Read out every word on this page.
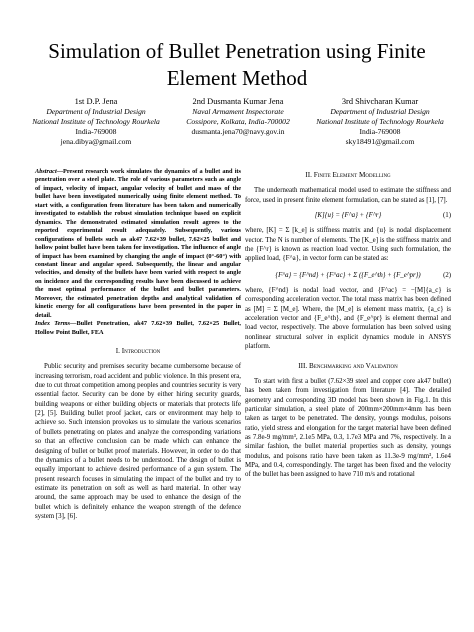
Simulation of Bullet Penetration using Finite
Element Method
1st D.P. Jena
Department of Industrial Design
National Institute of Technology Rourkela
India-769008
jena.dibya@gmail.com
2nd Dusmanta Kumar Jena
Naval Armament Inspectorate
Cossipore, Kolkata, India-700002
dusmanta.jena70@navy.gov.in
3rd Shivcharan Kumar
Department of Industrial Design
National Institute of Technology Rourkela
India-769008
sky18491@gmail.com
Abstract—Present research work simulates the dynamics of a bullet and its penetration over a steel plate. The role of various parameters such as angle of impact, velocity of impact, angular velocity of bullet and mass of the bullet have been investigated numerically using finite element method. To start with, a configuration from literature has been taken and numerically investigated to establish the robust simulation technique based on explicit dynamics. The demonstrated estimated simulation result agrees to the reported experimental result adequately. Subsequently, various configurations of bullets such as ak47 7.62×39 bullet, 7.62×25 bullet and hollow point bullet have been taken for investigation. The influence of angle of impact has been examined by changing the angle of impact (0°-60°) with constant linear and angular speed. Subsequently, the linear and angular velocities, and density of the bullets have been varied with respect to angle on incidence and the corresponding results have been discussed to achieve the most optimal performance of the bullet and bullet parameters. Moreover, the estimated penetration depths and analytical validation of kinetic energy for all configurations have been presented in the paper in detail.
Index Terms—Bullet Penetration, ak47 7.62×39 Bullet, 7.62×25 Bullet, Hollow Point Bullet, FEA
I. Introduction

Public security and premises security became cumbersome because of increasing terrorism, road accident and public violence. In this present era, due to cut throat competition among peoples and countries security is very essential factor. Security can be done by either hiring security guards, building weapons or either building objects or materials that protects life [2], [5]. Building bullet proof jacket, cars or environment may help to achieve so. Such intension provokes us to simulate the various scenarios of bullets penetrating on plates and analyze the corresponding variations so that an effective conclusion can be made which can enhance the designing of bullet or bullet proof materials. However, in order to do that the dynamics of a bullet needs to be understood. The design of bullet is equally important to achieve desired performance of a gun system. The present research focuses in simulating the impact of the bullet and try to estimate its penetration on soft as well as hard material. In other way around, the same approach may be used to enhance the design of the bullet which is definitely enhance the weapon strength of the defence system [3], [6].

II. Finite Element Modelling

The underneath mathematical model used to estimate the stiffness and force, used in present finite element formulation, can be stated as [1], [7].

[K]{u} = {F^a} + {F^r}	(1)

where, [K] = Σ [k_e] is stiffness matrix and {u} is nodal displacement vector. The N is number of elements. The [K_e] is the stiffness matrix and the {F^r} is known as reaction load vector. Using such formulation, the applied load, {F^a}, in vector form can be stated as:

{F^a} = {F^nd} + {F^ac} + Σ ({F_e^th} + {F_e^pr})	(2)

where, {F^nd} is nodal load vector, and {F^ac} = −[M]{a_c} is corresponding acceleration vector. The total mass matrix has been defined as [M] = Σ [M_e]. Where, the [M_e] is element mass matrix, {a_c} is acceleration vector and {F_e^th}, and {F_e^pr} is element thermal and load vector, respectively. The above formulation has been solved using nonlinear structural solver in explicit dynamics module in ANSYS platform.

III. Benchmarking and Validation

To start with first a bullet (7.62×39 steel and copper core ak47 bullet) has been taken from investigation from literature [4]. The detailed geometry and corresponding 3D model has been shown in Fig.1. In this particular simulation, a steel plate of 200mm×200mm×4mm has been taken as target to be penetrated. The density, youngs modulus, poisons ratio, yield stress and elongation for the target material have been defined as 7.8e-9 mg/mm³, 2.1e5 MPa, 0.3, 1.7e3 MPa and 7%, respectively. In a similar fashion, the bullet material properties such as density, youngs modulus, and poisons ratio have been taken as 11.3e-9 mg/mm³, 1.6e4 MPa, and 0.4, correspondingly. The target has been fixed and the velocity of the bullet has been assigned to have 710 m/s and rotational
